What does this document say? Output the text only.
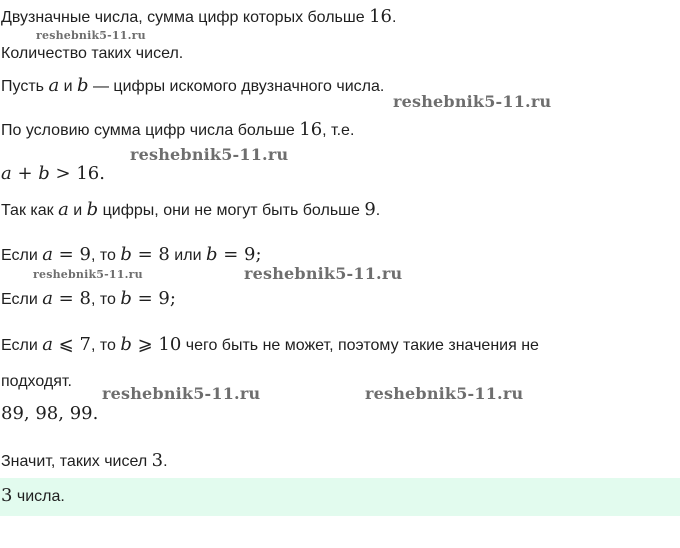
Двузначные числа, сумма цифр которых больше 16.
reshebnik5-11.ru
Количество таких чисел.
Пусть a и b — цифры искомого двузначного числа.
reshebnik5-11.ru
По условию сумма цифр числа больше 16, т.е.
reshebnik5-11.ru
a + b > 16.
Так как a и b цифры, они не могут быть больше 9.
Если a = 9, то b = 8 или b = 9;
reshebnik5-11.ru	reshebnik5-11.ru
Если a = 8, то b = 9;
Если a ⩽ 7, то b ⩾ 10 чего быть не может, поэтому такие значения не
подходят.
reshebnik5-11.ru	reshebnik5-11.ru
89, 98, 99.
Значит, таких чисел 3.
3 числа.
